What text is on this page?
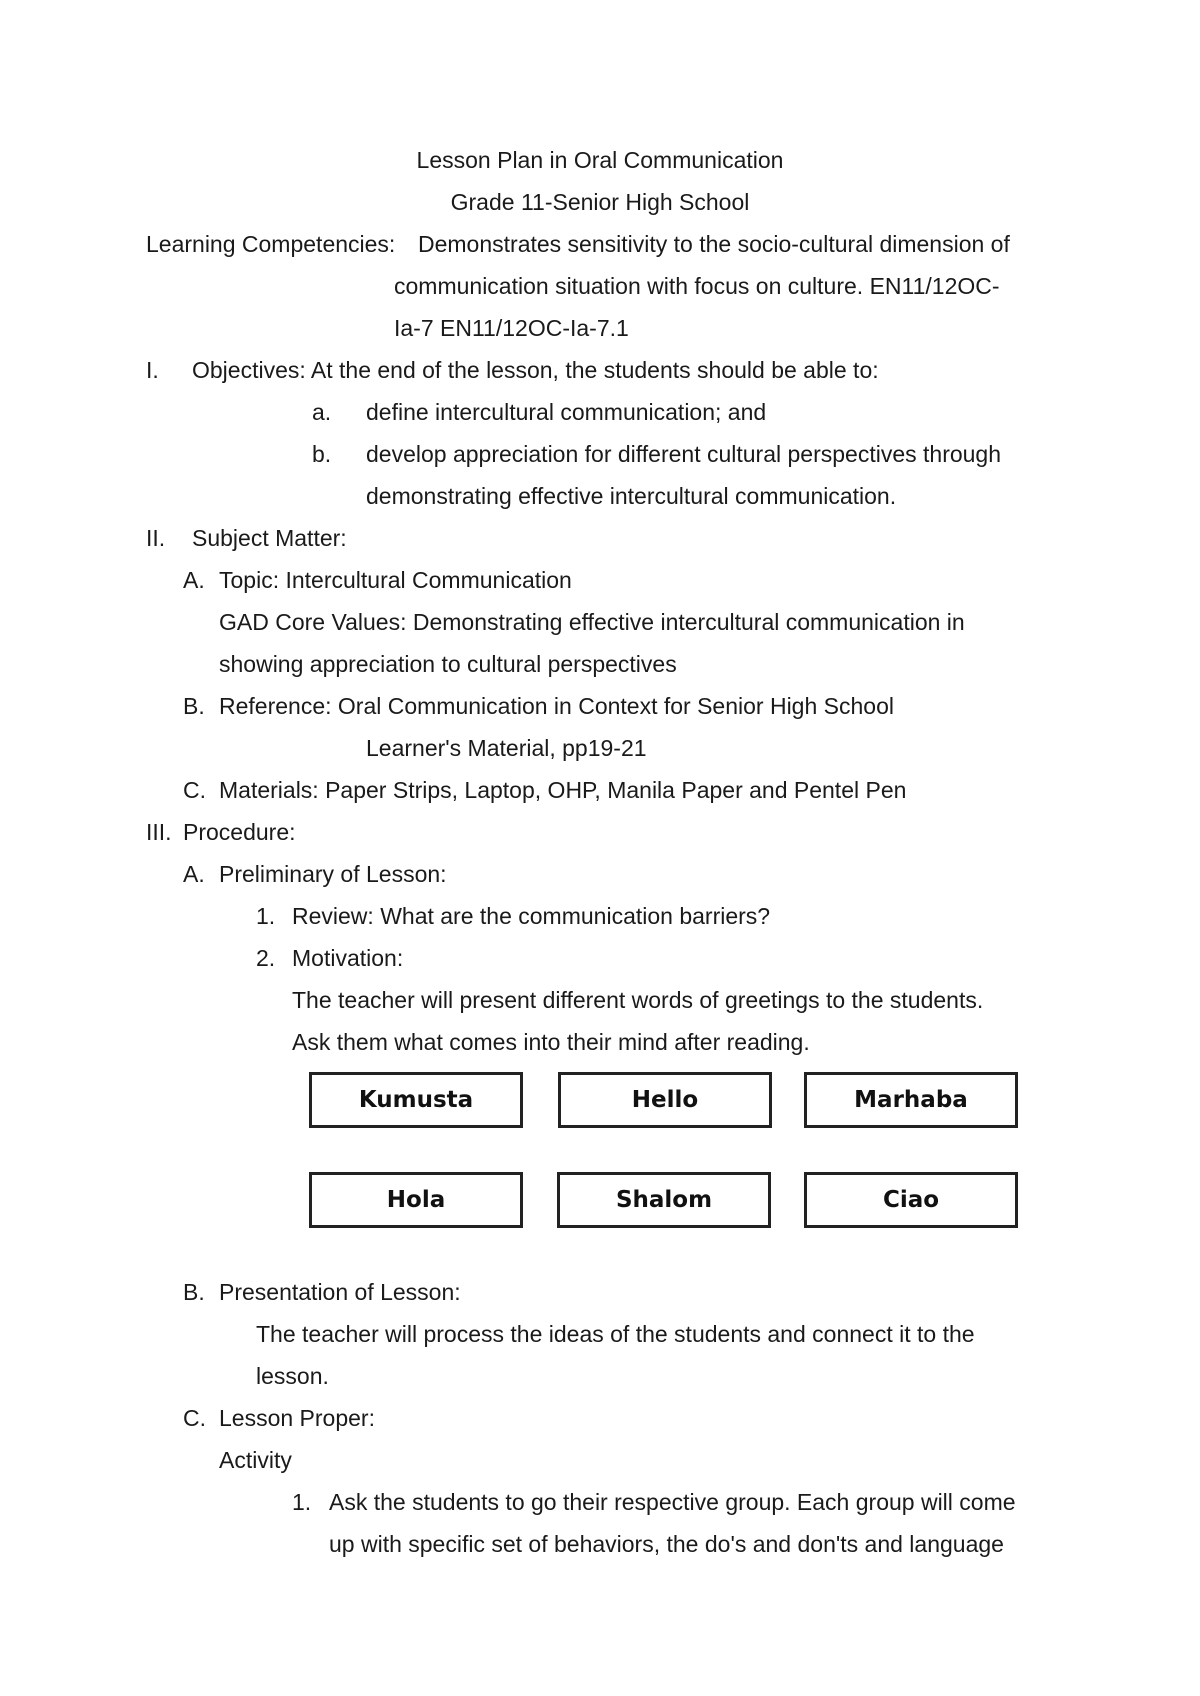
Lesson Plan in Oral Communication
Grade 11-Senior High School
Learning Competencies: Demonstrates sensitivity to the socio-cultural dimension of
communication situation with focus on culture. EN11/12OC-
Ia-7 EN11/12OC-Ia-7.1
I. Objectives: At the end of the lesson, the students should be able to:
a. define intercultural communication; and
b. develop appreciation for different cultural perspectives through
demonstrating effective intercultural communication.
II. Subject Matter:
A. Topic: Intercultural Communication
GAD Core Values: Demonstrating effective intercultural communication in
showing appreciation to cultural perspectives
B. Reference: Oral Communication in Context for Senior High School
Learner's Material, pp19-21
C. Materials: Paper Strips, Laptop, OHP, Manila Paper and Pentel Pen
III. Procedure:
A. Preliminary of Lesson:
1. Review: What are the communication barriers?
2. Motivation:
The teacher will present different words of greetings to the students.
Ask them what comes into their mind after reading.
Kumusta	Hello	Marhaba
Hola	Shalom	Ciao
B. Presentation of Lesson:
The teacher will process the ideas of the students and connect it to the
lesson.
C. Lesson Proper:
Activity
1. Ask the students to go their respective group. Each group will come
up with specific set of behaviors, the do's and don'ts and language
